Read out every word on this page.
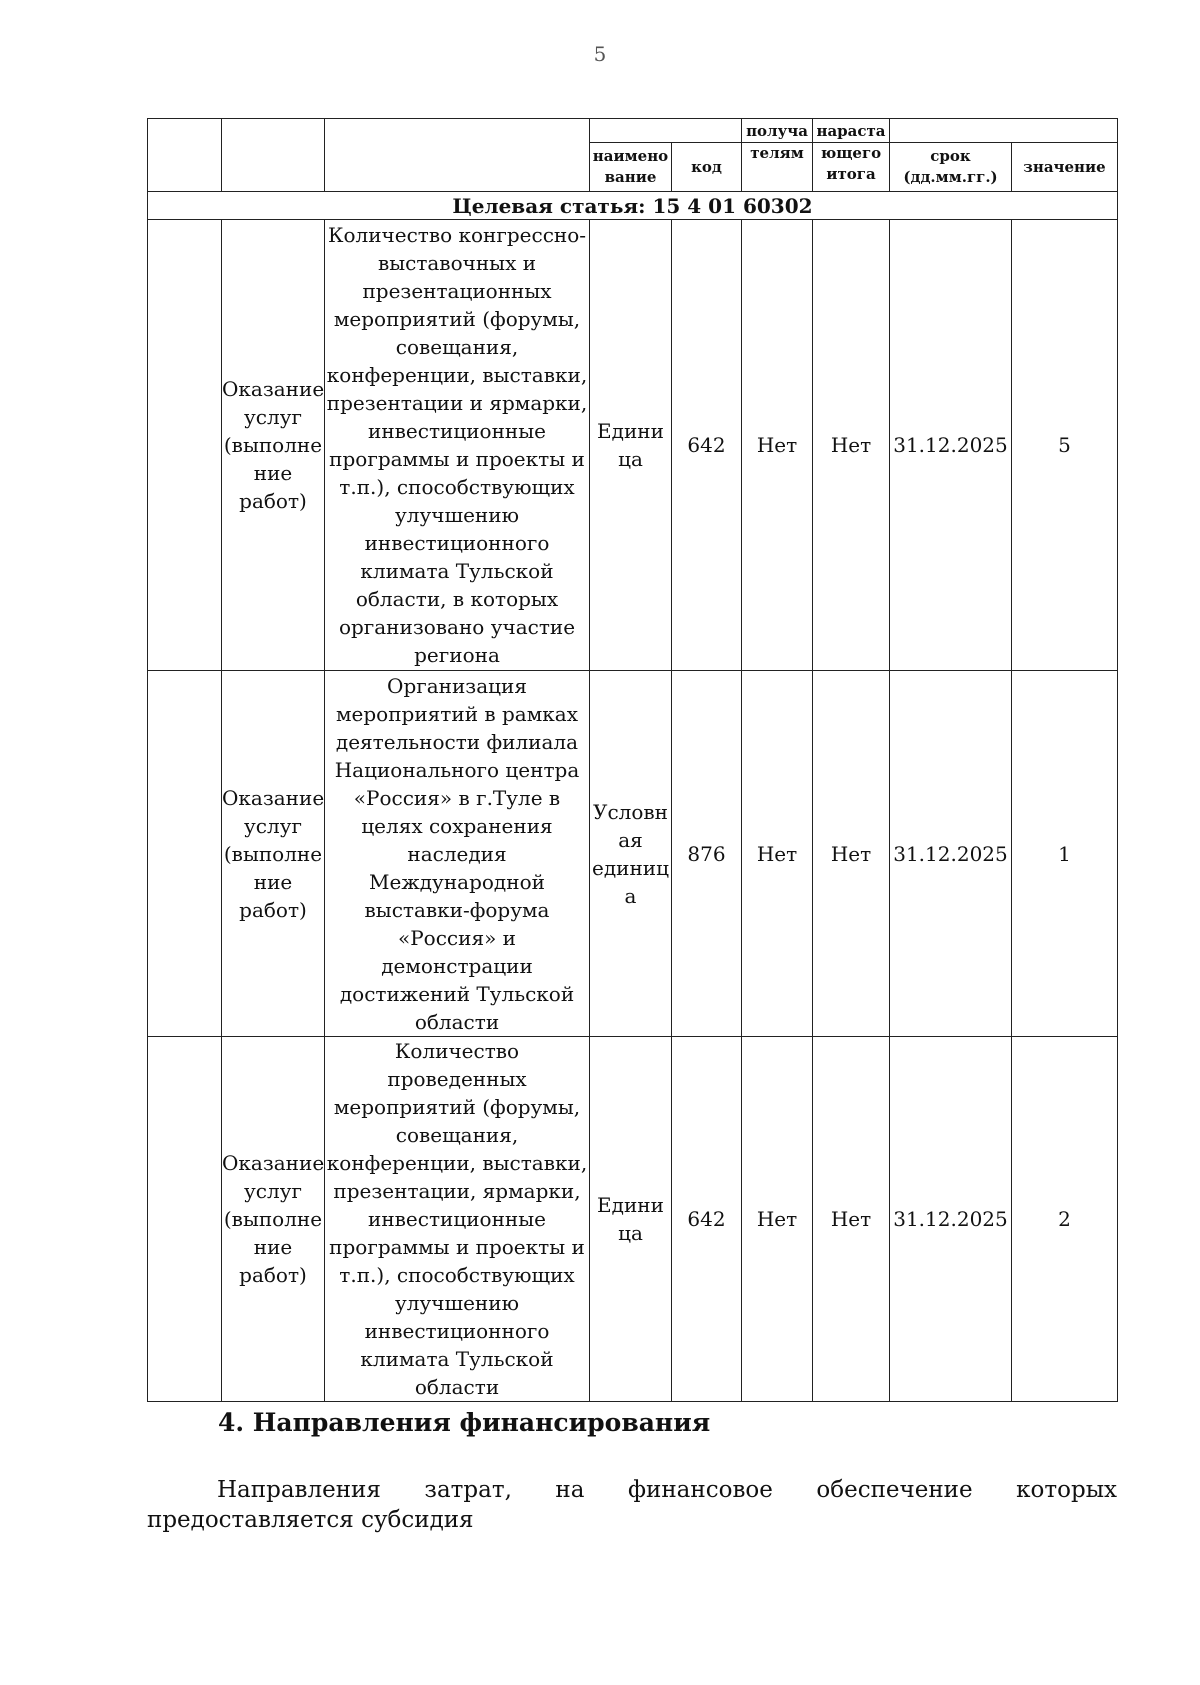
5
					получа	нараста		
			наимено вание	код	телям	ющего итога	срок (дд.мм.гг.)	значение
Целевая статья: 15 4 01 60302								
	Оказание услуг (выполне ние работ)	Количество конгрессно-выставочных и презентационных мероприятий (форумы, совещания, конференции, выставки, презентации и ярмарки, инвестиционные программы и проекты и т.п.), способствующих улучшению инвестиционного климата Тульской области, в которых организовано участие региона	Едини ца	642	Нет	Нет	31.12.2025	5
	Оказание услуг (выполне ние работ)	Организация мероприятий в рамках деятельности филиала Национального центра «Россия» в г.Туле в целях сохранения наследия Международной выставки-форума «Россия» и демонстрации достижений Тульской области	Условн ая единиц а	876	Нет	Нет	31.12.2025	1
	Оказание услуг (выполне ние работ)	Количество проведенных мероприятий (форумы, совещания, конференции, выставки, презентации, ярмарки, инвестиционные программы и проекты и т.п.), способствующих улучшению инвестиционного климата Тульской области	Едини ца	642	Нет	Нет	31.12.2025	2
4. Направления финансирования
Направления затрат, на финансовое обеспечение которых
предоставляется субсидия
